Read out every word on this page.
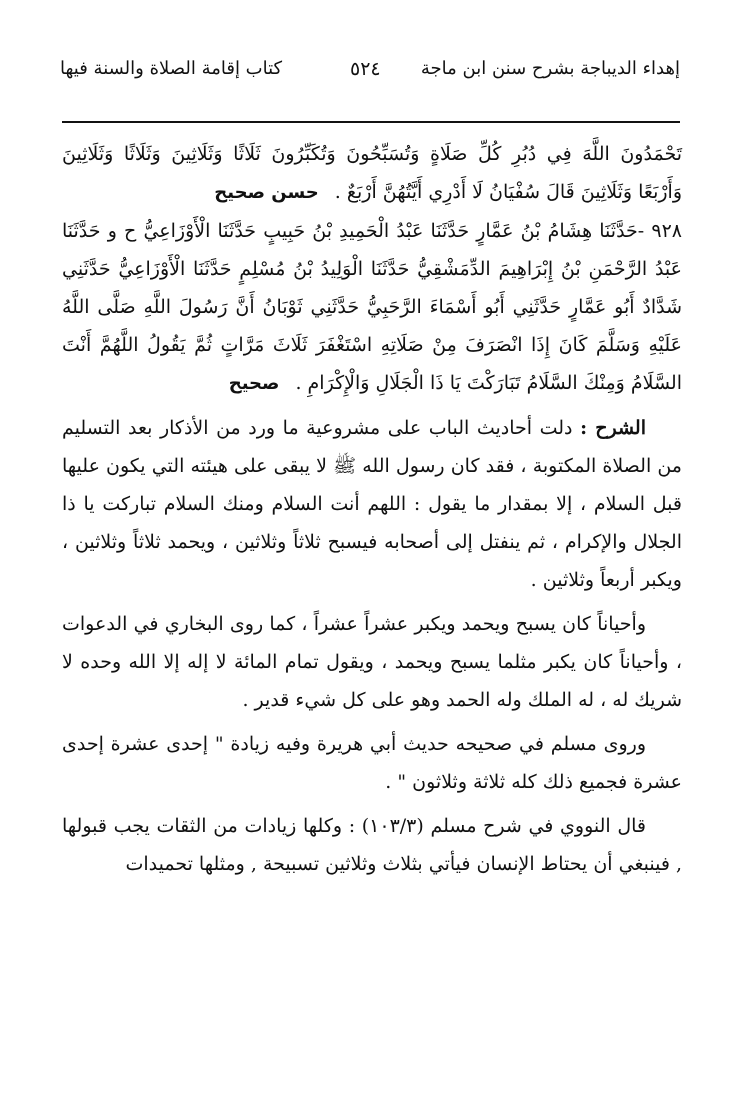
إهداء الديباجة بشرح سنن ابن ماجة
٥٢٤
كتاب إقامة الصلاة والسنة فيها

تَحْمَدُونَ اللَّهَ فِي دُبُرِ كُلِّ صَلَاةٍ وَتُسَبِّحُونَ وَتُكَبِّرُونَ ثَلَاثًا وَثَلَاثِينَ وَثَلَاثًا وَثَلَاثِينَ وَأَرْبَعًا وَثَلَاثِينَ قَالَ سُفْيَانُ لَا أَدْرِي أَيَّتُهُنَّ أَرْبَعٌ . حسن صحيح

٩٢٨ -حَدَّثَنَا هِشَامُ بْنُ عَمَّارٍ حَدَّثَنَا عَبْدُ الْحَمِيدِ بْنُ حَبِيبٍ حَدَّثَنَا الْأَوْزَاعِيُّ ح و حَدَّثَنَا عَبْدُ الرَّحْمَنِ بْنُ إِبْرَاهِيمَ الدِّمَشْقِيُّ حَدَّثَنَا الْوَلِيدُ بْنُ مُسْلِمٍ حَدَّثَنَا الْأَوْزَاعِيُّ حَدَّثَنِي شَدَّادٌ أَبُو عَمَّارٍ حَدَّثَنِي أَبُو أَسْمَاءَ الرَّحَبِيُّ حَدَّثَنِي ثَوْبَانُ أَنَّ رَسُولَ اللَّهِ صَلَّى اللَّهُ عَلَيْهِ وَسَلَّمَ كَانَ إِذَا انْصَرَفَ مِنْ صَلَاتِهِ اسْتَغْفَرَ ثَلَاثَ مَرَّاتٍ ثُمَّ يَقُولُ اللَّهُمَّ أَنْتَ السَّلَامُ وَمِنْكَ السَّلَامُ تَبَارَكْتَ يَا ذَا الْجَلَالِ وَالْإِكْرَامِ . صحيح

الشرح : دلت أحاديث الباب على مشروعية ما ورد من الأذكار بعد التسليم من الصلاة المكتوبة ، فقد كان رسول الله ﷺ لا يبقى على هيئته التي يكون عليها قبل السلام ، إلا بمقدار ما يقول : اللهم أنت السلام ومنك السلام تباركت يا ذا الجلال والإكرام ، ثم ينفتل إلى أصحابه فيسبح ثلاثاً وثلاثين ، ويحمد ثلاثاً وثلاثين ، ويكبر أربعاً وثلاثين .

وأحياناً كان يسبح ويحمد ويكبر عشراً عشراً ، كما روى البخاري في الدعوات ، وأحياناً كان يكبر مثلما يسبح ويحمد ، ويقول تمام المائة لا إله إلا الله وحده لا شريك له ، له الملك وله الحمد وهو على كل شيء قدير .

وروى مسلم في صحيحه حديث أبي هريرة وفيه زيادة " إحدى عشرة إحدى عشرة فجميع ذلك كله ثلاثة وثلاثون " .

قال النووي في شرح مسلم (١٠٣/٣) : وكلها زيادات من الثقات يجب قبولها , فينبغي أن يحتاط الإنسان فيأتي بثلاث وثلاثين تسبيحة , ومثلها تحميدات
